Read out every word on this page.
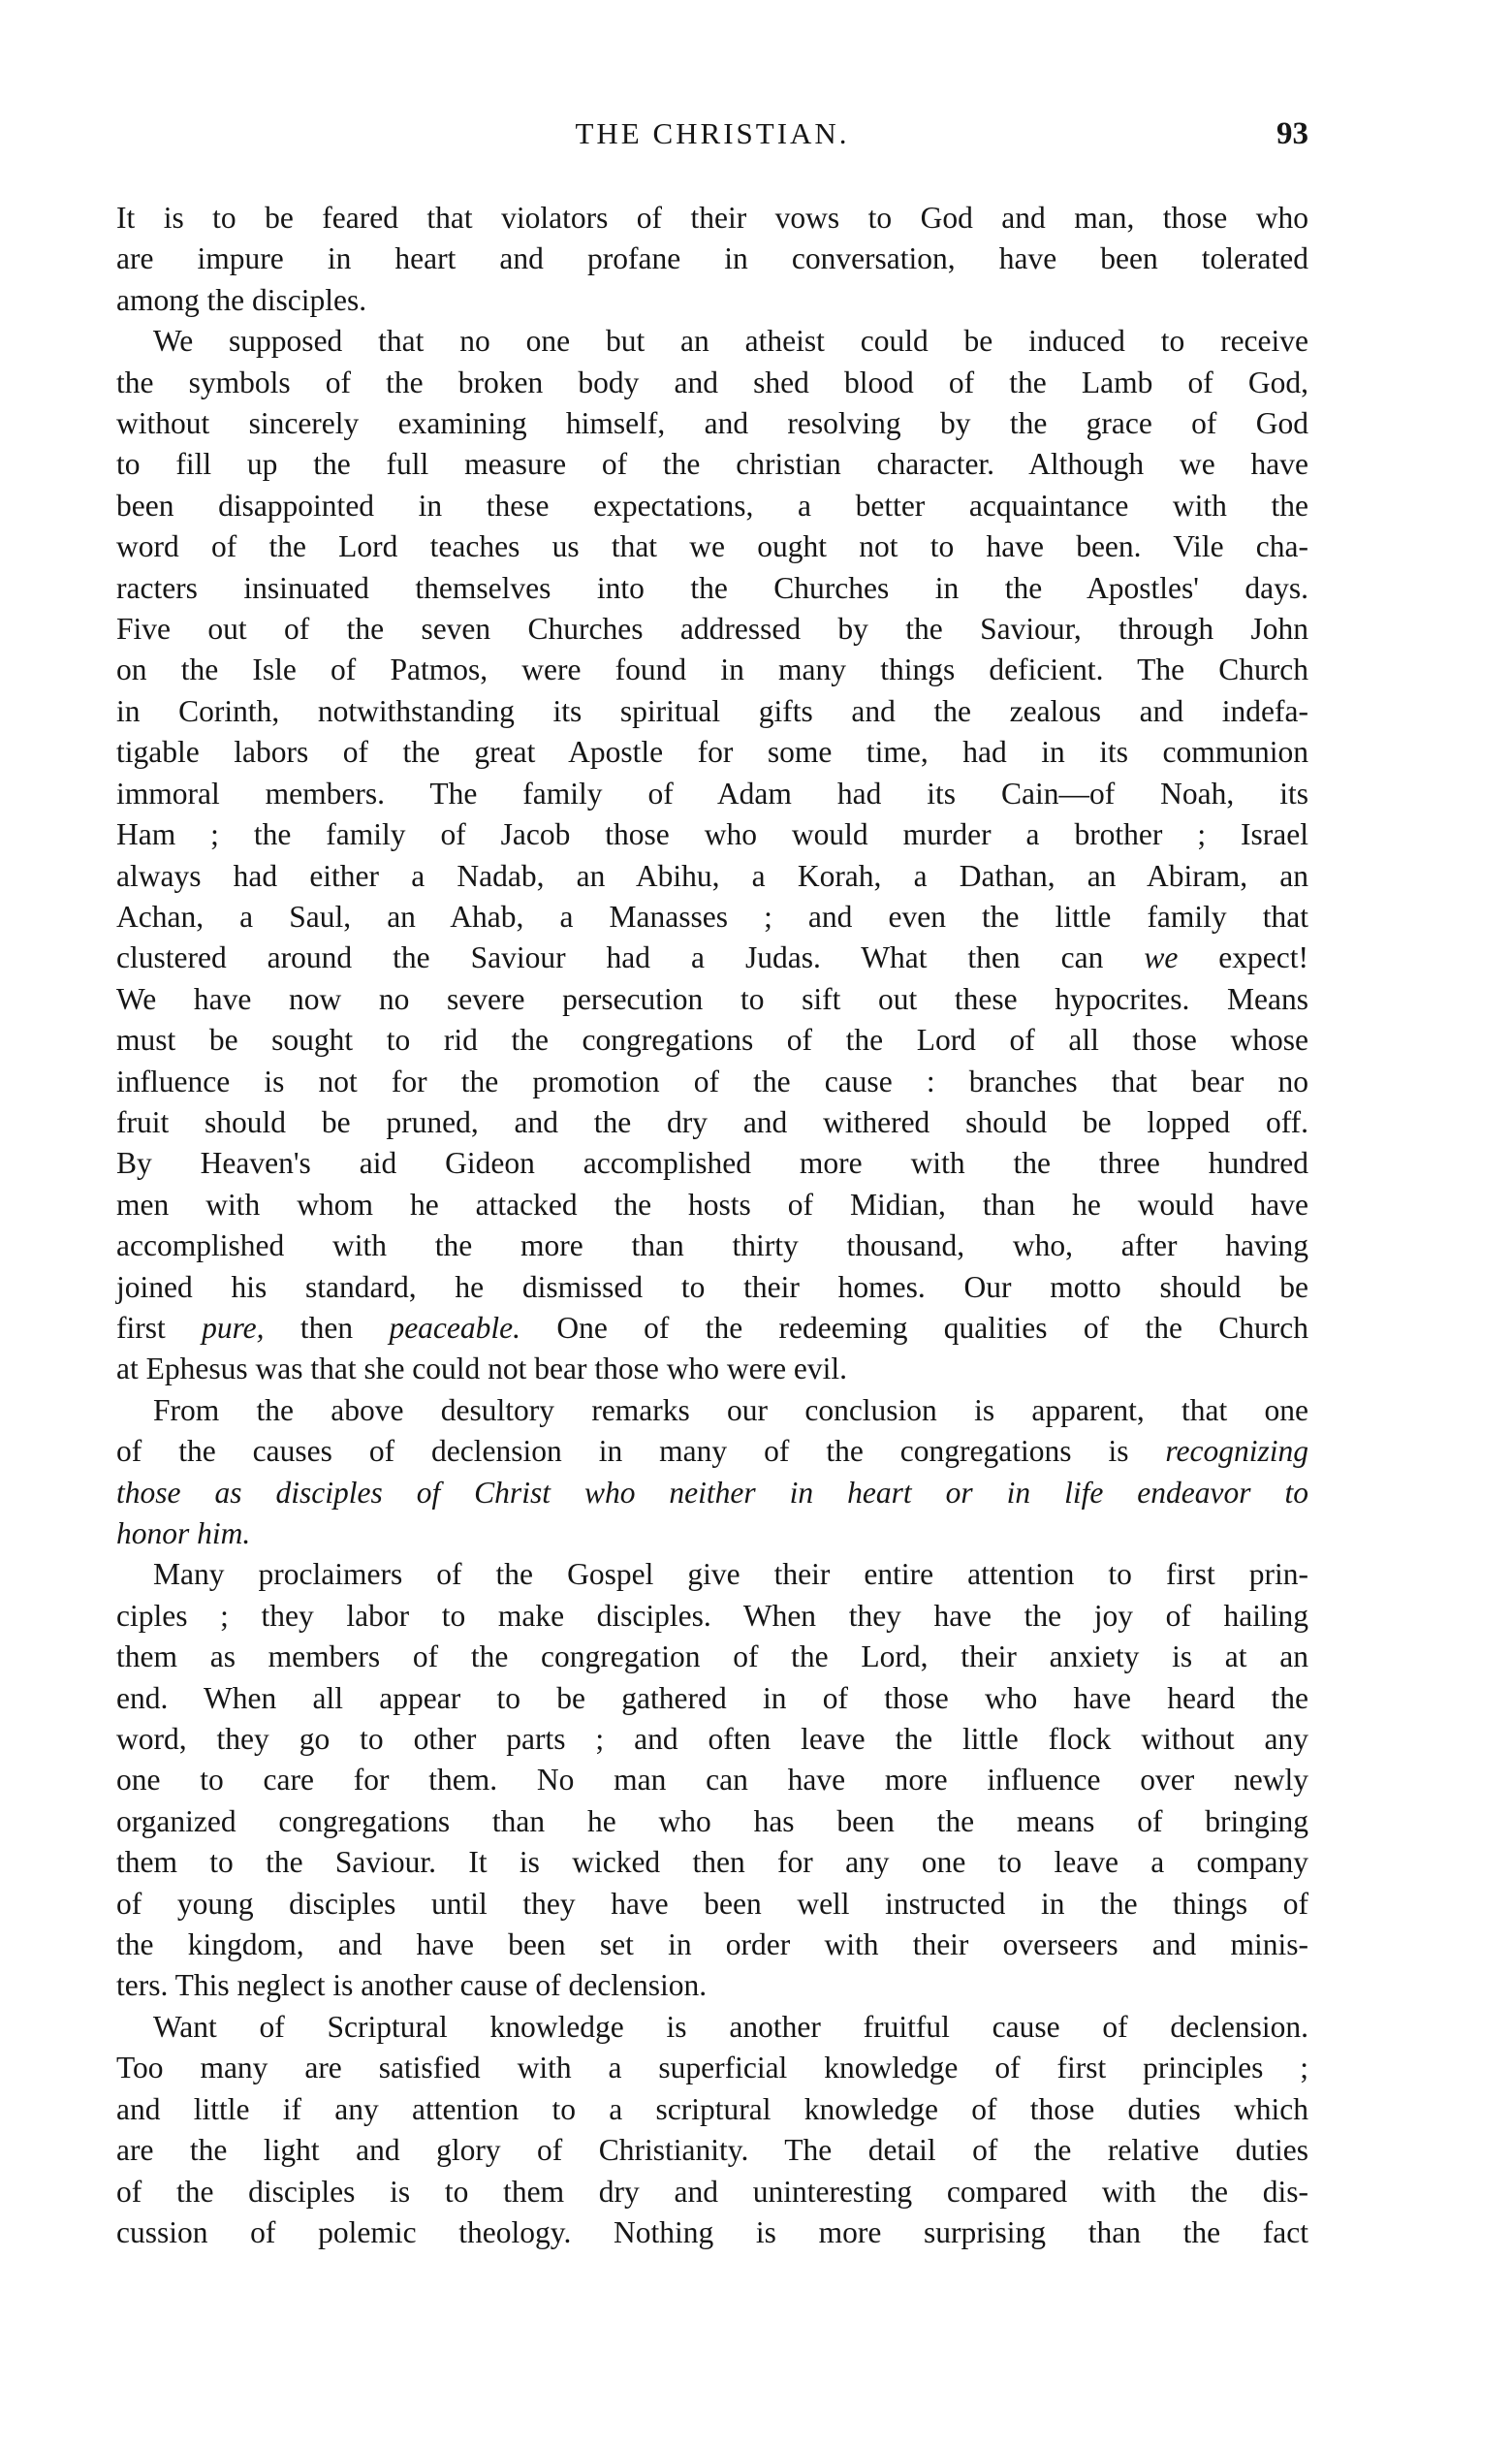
THE CHRISTIAN.	93
It is to be feared that violators of their vows to God and man, those who
are impure in heart and profane in conversation, have been tolerated
among the disciples.
We supposed that no one but an atheist could be induced to receive
the symbols of the broken body and shed blood of the Lamb of God,
without sincerely examining himself, and resolving by the grace of God
to fill up the full measure of the christian character. Although we have
been disappointed in these expectations, a better acquaintance with the
word of the Lord teaches us that we ought not to have been. Vile cha-
racters insinuated themselves into the Churches in the Apostles' days.
Five out of the seven Churches addressed by the Saviour, through John
on the Isle of Patmos, were found in many things deficient. The Church
in Corinth, notwithstanding its spiritual gifts and the zealous and indefa-
tigable labors of the great Apostle for some time, had in its communion
immoral members. The family of Adam had its Cain—of Noah, its
Ham ; the family of Jacob those who would murder a brother ; Israel
always had either a Nadab, an Abihu, a Korah, a Dathan, an Abiram, an
Achan, a Saul, an Ahab, a Manasses ; and even the little family that
clustered around the Saviour had a Judas. What then can we expect!
We have now no severe persecution to sift out these hypocrites. Means
must be sought to rid the congregations of the Lord of all those whose
influence is not for the promotion of the cause : branches that bear no
fruit should be pruned, and the dry and withered should be lopped off.
By Heaven's aid Gideon accomplished more with the three hundred
men with whom he attacked the hosts of Midian, than he would have
accomplished with the more than thirty thousand, who, after having
joined his standard, he dismissed to their homes. Our motto should be
first pure, then peaceable. One of the redeeming qualities of the Church
at Ephesus was that she could not bear those who were evil.
From the above desultory remarks our conclusion is apparent, that one
of the causes of declension in many of the congregations is recognizing
those as disciples of Christ who neither in heart or in life endeavor to
honor him.
Many proclaimers of the Gospel give their entire attention to first prin-
ciples ; they labor to make disciples. When they have the joy of hailing
them as members of the congregation of the Lord, their anxiety is at an
end. When all appear to be gathered in of those who have heard the
word, they go to other parts ; and often leave the little flock without any
one to care for them. No man can have more influence over newly
organized congregations than he who has been the means of bringing
them to the Saviour. It is wicked then for any one to leave a company
of young disciples until they have been well instructed in the things of
the kingdom, and have been set in order with their overseers and minis-
ters. This neglect is another cause of declension.
Want of Scriptural knowledge is another fruitful cause of declension.
Too many are satisfied with a superficial knowledge of first principles ;
and little if any attention to a scriptural knowledge of those duties which
are the light and glory of Christianity. The detail of the relative duties
of the disciples is to them dry and uninteresting compared with the dis-
cussion of polemic theology. Nothing is more surprising than the fact
